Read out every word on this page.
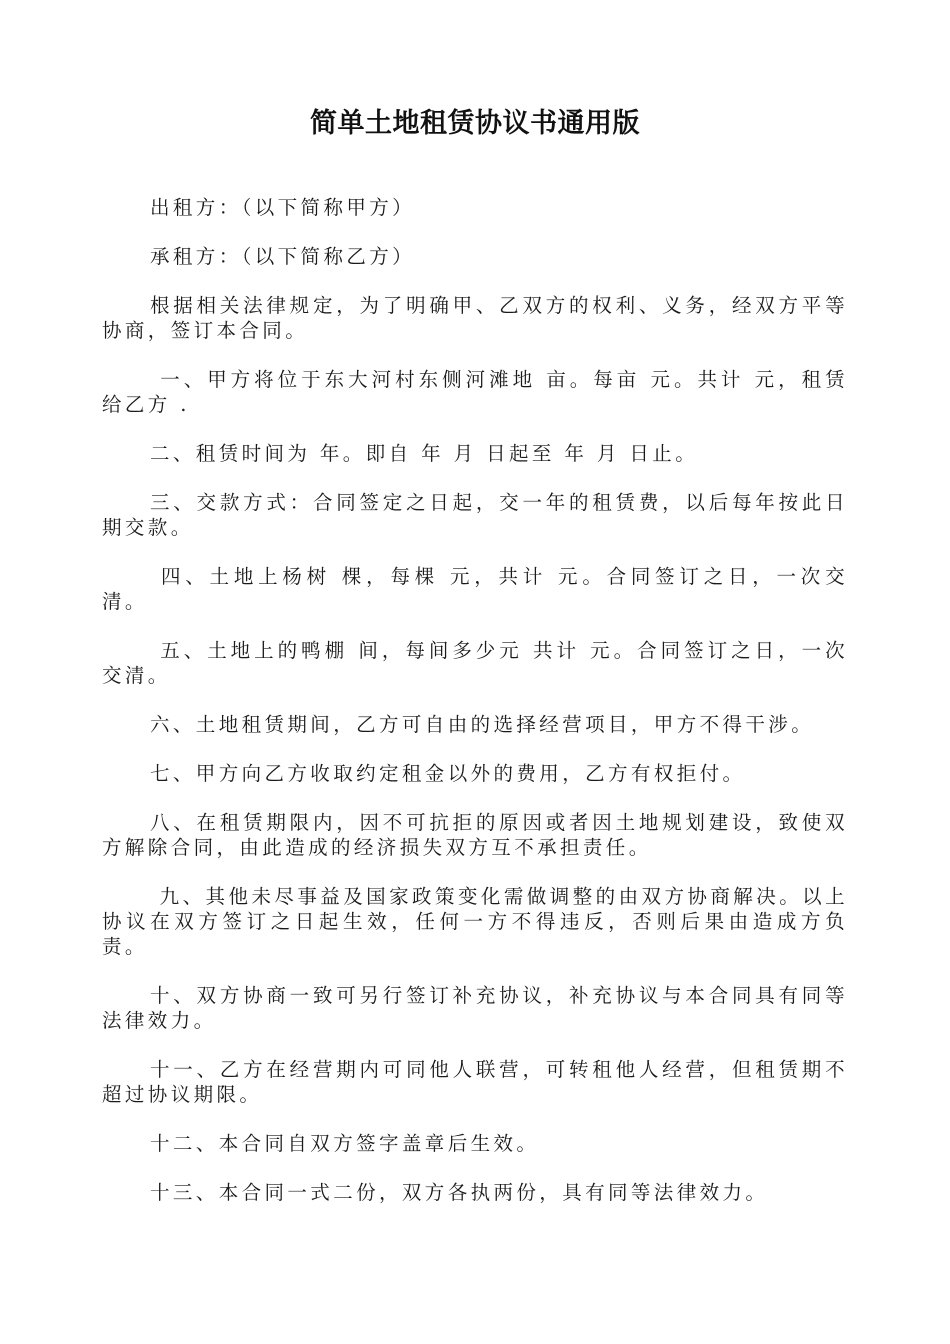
简单土地租赁协议书通用版

出租方：（以下简称甲方）

承租方：（以下简称乙方）

根据相关法律规定，为了明确甲、乙双方的权利、义务，经双方平等协商，签订本合同。

一、甲方将位于东大河村东侧河滩地 亩。每亩 元。共计 元，租赁给乙方 .

二、租赁时间为 年。即自 年 月 日起至 年 月 日止。

三、交款方式：合同签定之日起，交一年的租赁费，以后每年按此日期交款。

四、土地上杨树 棵，每棵 元，共计 元。合同签订之日，一次交清。

五、土地上的鸭棚 间，每间多少元 共计 元。合同签订之日，一次交清。

六、土地租赁期间，乙方可自由的选择经营项目，甲方不得干涉。

七、甲方向乙方收取约定租金以外的费用，乙方有权拒付。

八、在租赁期限内，因不可抗拒的原因或者因土地规划建设，致使双方解除合同，由此造成的经济损失双方互不承担责任。

九、其他未尽事益及国家政策变化需做调整的由双方协商解决。以上协议在双方签订之日起生效，任何一方不得违反，否则后果由造成方负责。

十、双方协商一致可另行签订补充协议，补充协议与本合同具有同等法律效力。

十一、乙方在经营期内可同他人联营，可转租他人经营，但租赁期不超过协议期限。

十二、本合同自双方签字盖章后生效。

十三、本合同一式二份，双方各执两份，具有同等法律效力。
